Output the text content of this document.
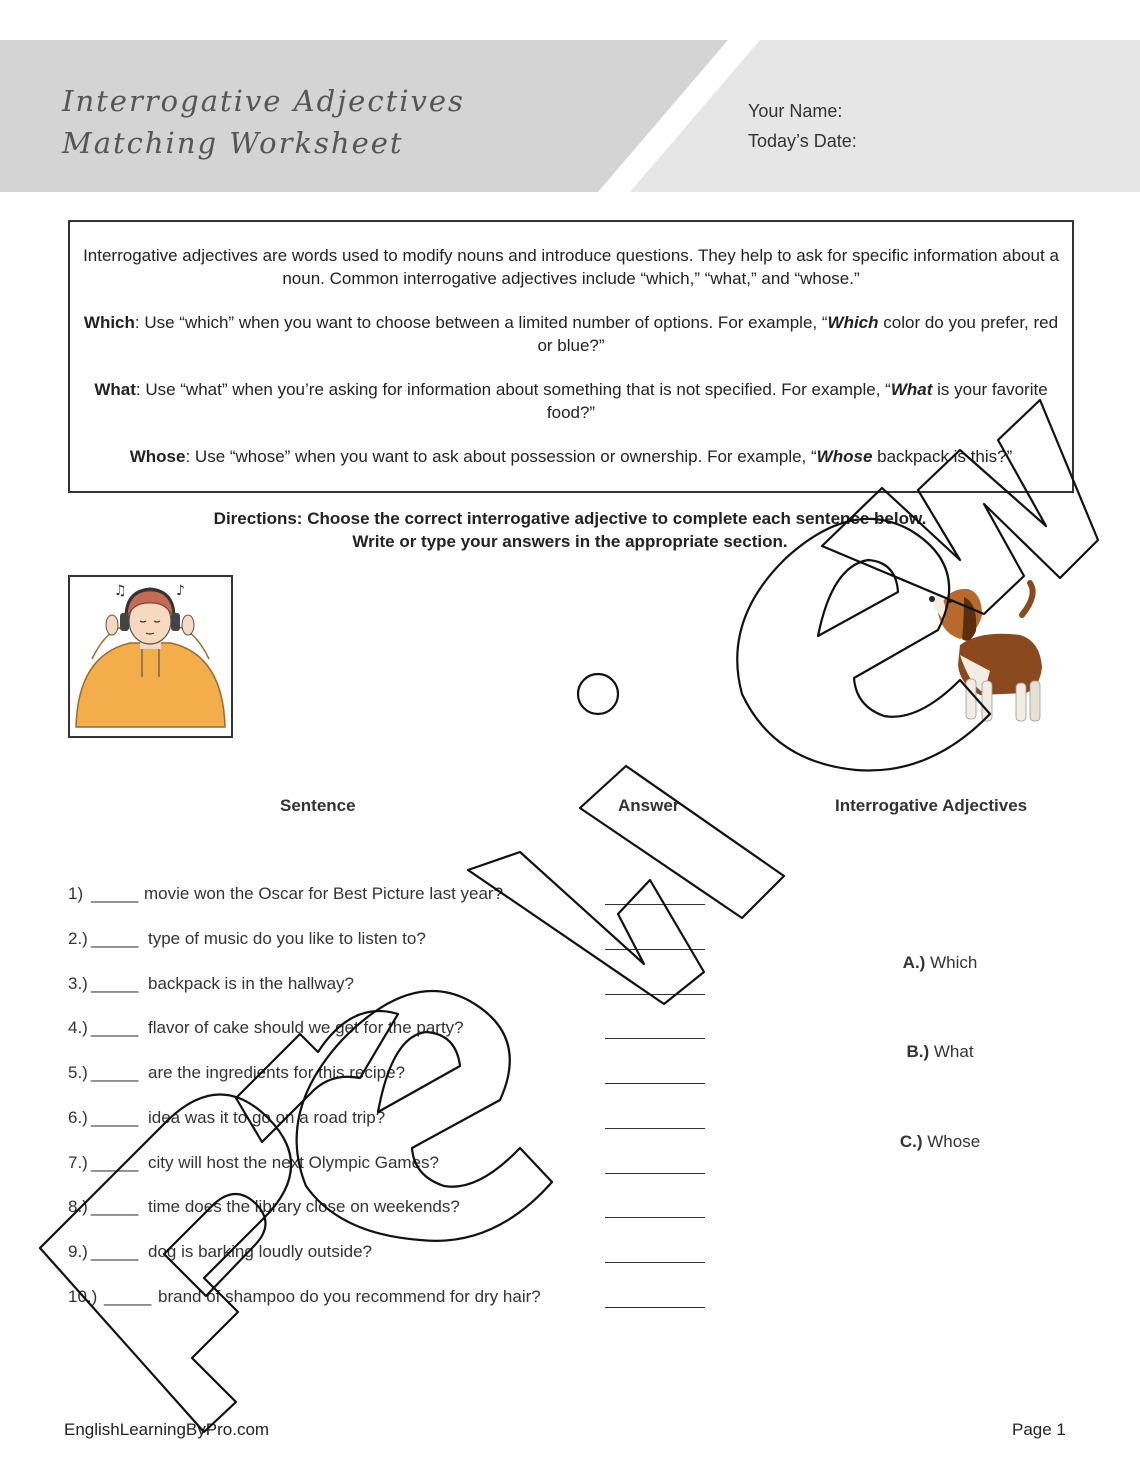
Interrogative Adjectives
Matching Worksheet
Your Name:
Today’s Date:

Interrogative adjectives are words used to modify nouns and introduce questions. They help to ask for specific information about a noun. Common interrogative adjectives include “which,” “what,” and “whose.”

Which: Use “which” when you want to choose between a limited number of options. For example, “Which color do you prefer, red or blue?”

What: Use “what” when you’re asking for information about something that is not specified. For example, “What is your favorite food?”

Whose: Use “whose” when you want to ask about possession or ownership. For example, “Whose backpack is this?”

Directions: Choose the correct interrogative adjective to complete each sentence below.
Write or type your answers in the appropriate section.
♫	♪
Sentence	Answer	Interrogative Adjectives
1) _____ movie won the Oscar for Best Picture last year?
2.) _____ type of music do you like to listen to?
3.) _____ backpack is in the hallway?
4.) _____ flavor of cake should we get for the party?
5.) _____ are the ingredients for this recipe?
6.) _____ idea was it to go on a road trip?
7.) _____ city will host the next Olympic Games?
8.) _____ time does the library close on weekends?
9.) _____ dog is barking loudly outside?
10.) _____ brand of shampoo do you recommend for dry hair?
A.) Which
B.) What
C.) Whose
EnglishLearningByPro.com	Page 1
